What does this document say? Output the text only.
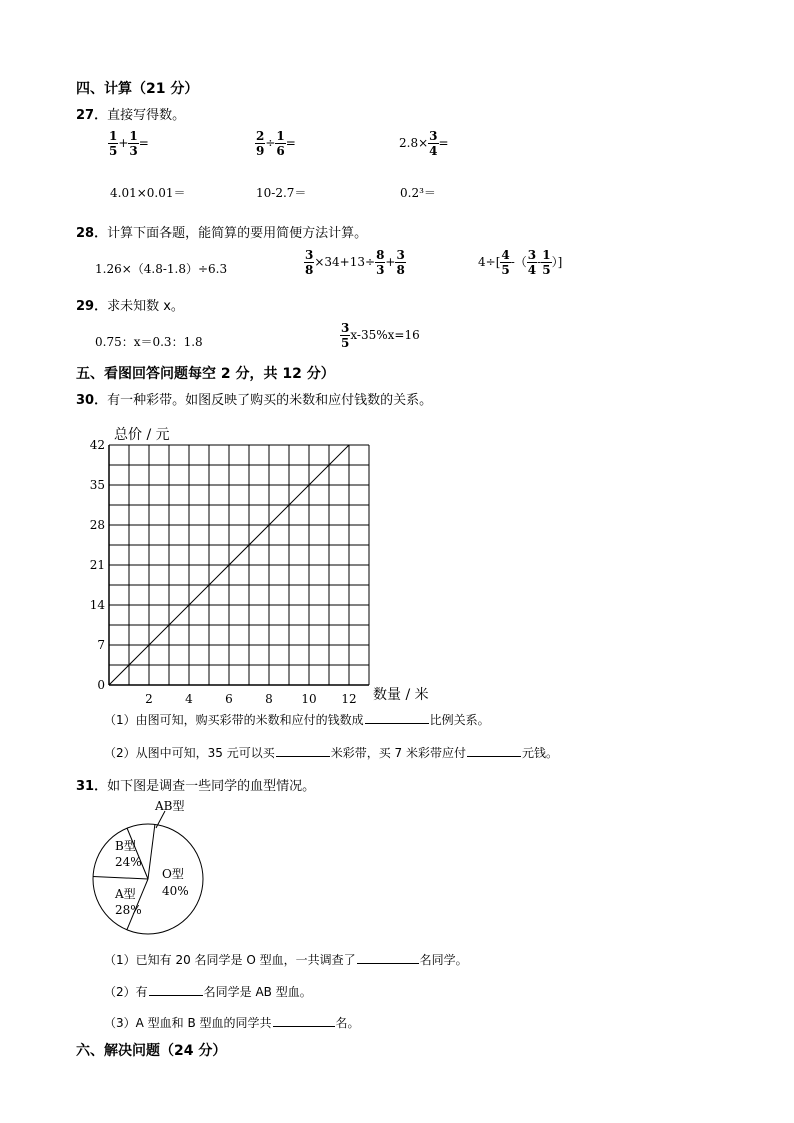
四、计算（21 分）
27．直接写得数。
$\frac{1}{5} + \frac{1}{3}$ =	$\frac{2}{9} \div \frac{1}{6}$ =	$2.8\times \frac{3}{4}$ =
4.01×0.01＝	10-2.7＝	0.2³＝
28．计算下面各题，能简算的要用简便方法计算。
1.26×（4.8-1.8）÷6.3	$\frac{3}{8} \times 34+13\div \frac{8}{3} + \frac{3}{8}$	$4\div[ \frac{4}{5}$ -（ $\frac{3}{4} - \frac{1}{5}$ ）]
29．求未知数 x。
0.75：x＝0.3：1.8	$\frac{3}{5} x-35\%x=16$
五、看图回答问题每空 2 分，共 12 分）
30．有一种彩带。如图反映了购买的米数和应付钱数的关系。
2	4	6	8 10 12
0
7
14
21
28
35
42
总价 / 元
数量 / 米
（1）由图可知，购买彩带的米数和应付的钱数成	比例关系。
（2）从图中可知，35 元可以买	米彩带，买 7 米彩带应付	元钱。
31．如下图是调查一些同学的血型情况。
AB型
O型
40%
A型
28%
B型
24%
（1）已知有 20 名同学是 O 型血，一共调查了	名同学。
（2）有	名同学是 AB 型血。
（3）A 型血和 B 型血的同学共	名。
六、解决问题（24 分）
